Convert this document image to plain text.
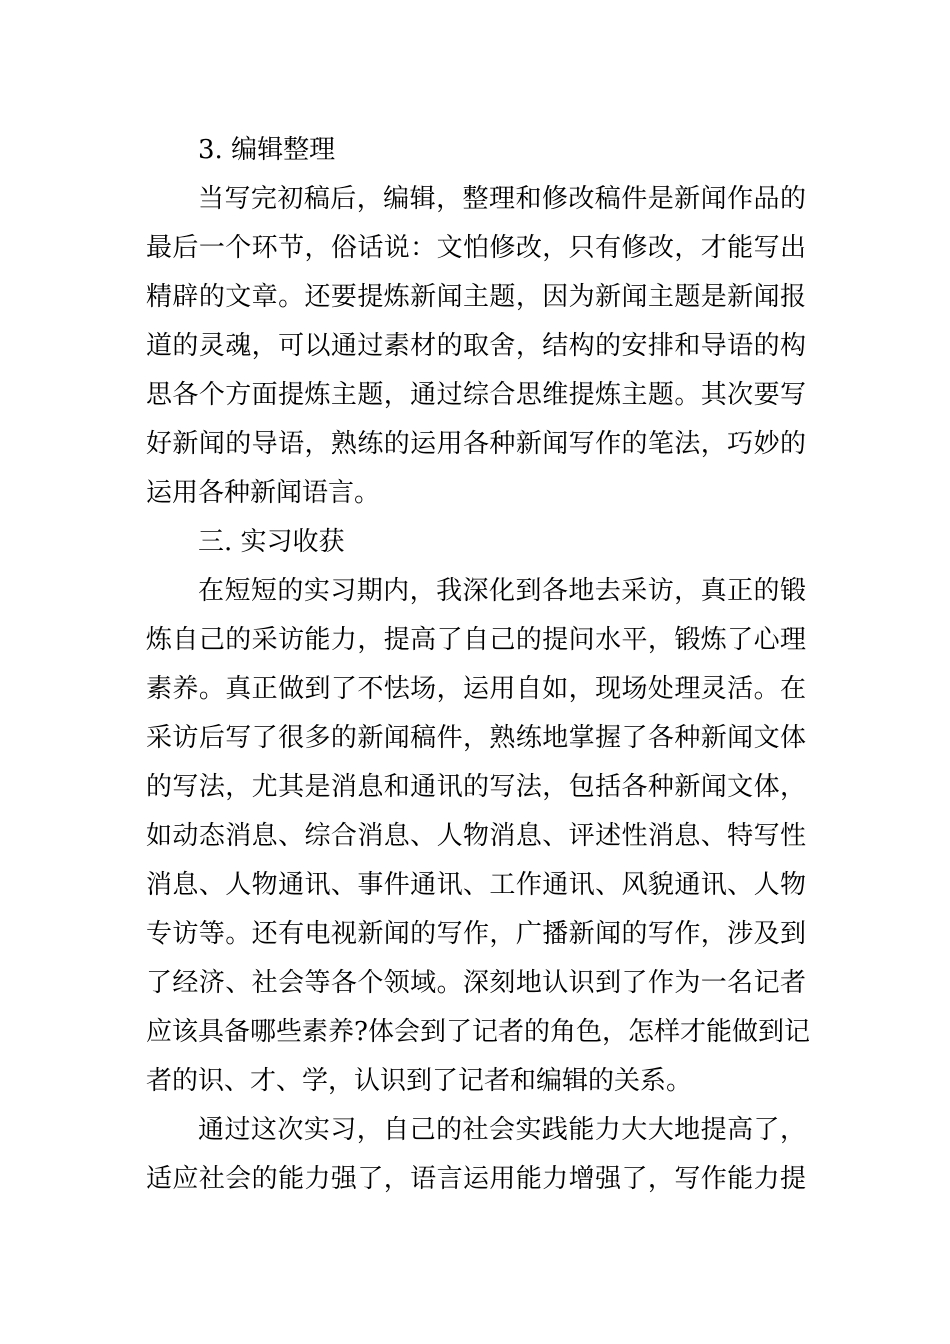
3. 编辑整理
当写完初稿后，编辑，整理和修改稿件是新闻作品的
最后一个环节，俗话说：文怕修改，只有修改，才能写出
精辟的文章。还要提炼新闻主题，因为新闻主题是新闻报
道的灵魂，可以通过素材的取舍，结构的安排和导语的构
思各个方面提炼主题，通过综合思维提炼主题。其次要写
好新闻的导语，熟练的运用各种新闻写作的笔法，巧妙的
运用各种新闻语言。
三. 实习收获
在短短的实习期内，我深化到各地去采访，真正的锻
炼自己的采访能力，提高了自己的提问水平，锻炼了心理
素养。真正做到了不怯场，运用自如，现场处理灵活。在
采访后写了很多的新闻稿件，熟练地掌握了各种新闻文体
的写法，尤其是消息和通讯的写法，包括各种新闻文体，
如动态消息、综合消息、人物消息、评述性消息、特写性
消息、人物通讯、事件通讯、工作通讯、风貌通讯、人物
专访等。还有电视新闻的写作，广播新闻的写作，涉及到
了经济、社会等各个领域。深刻地认识到了作为一名记者
应该具备哪些素养?体会到了记者的角色，怎样才能做到记
者的识、才、学，认识到了记者和编辑的关系。
通过这次实习，自己的社会实践能力大大地提高了，
适应社会的能力强了，语言运用能力增强了，写作能力提
